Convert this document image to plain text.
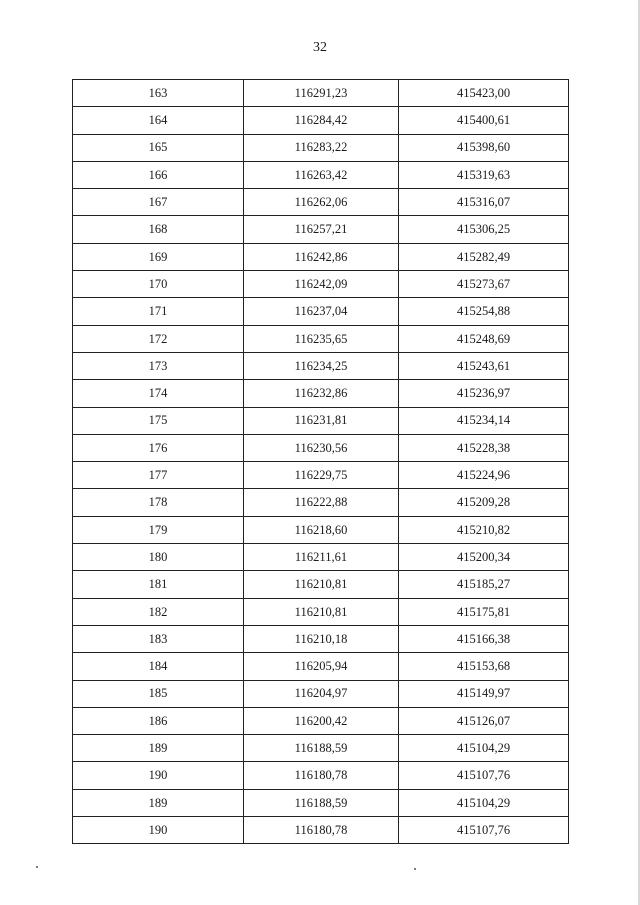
32
163	116291,23	415423,00
164	116284,42	415400,61
165	116283,22	415398,60
166	116263,42	415319,63
167	116262,06	415316,07
168	116257,21	415306,25
169	116242,86	415282,49
170	116242,09	415273,67
171	116237,04	415254,88
172	116235,65	415248,69
173	116234,25	415243,61
174	116232,86	415236,97
175	116231,81	415234,14
176	116230,56	415228,38
177	116229,75	415224,96
178	116222,88	415209,28
179	116218,60	415210,82
180	116211,61	415200,34
181	116210,81	415185,27
182	116210,81	415175,81
183	116210,18	415166,38
184	116205,94	415153,68
185	116204,97	415149,97
186	116200,42	415126,07
189	116188,59	415104,29
190	116180,78	415107,76
189	116188,59	415104,29
190	116180,78	415107,76
